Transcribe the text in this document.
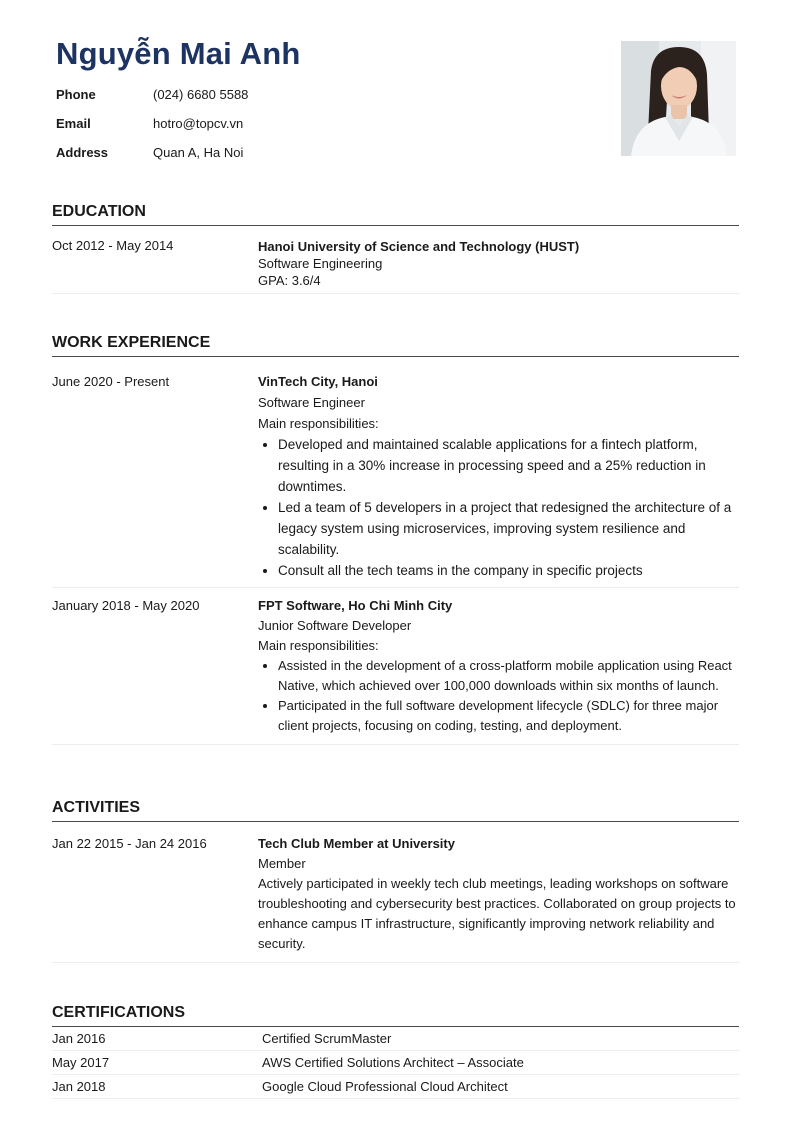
Nguyễn Mai Anh
Phone	(024) 6680 5588
Email	hotro@topcv.vn
Address	Quan A, Ha Noi
EDUCATION
Oct 2012 - May 2014	Hanoi University of Science and Technology (HUST)
Software Engineering
GPA: 3.6/4
WORK EXPERIENCE
June 2020 - Present	VinTech City, Hanoi
Software Engineer
Main responsibilities:
• Developed and maintained scalable applications for a fintech platform, resulting in a 30% increase in processing speed and a 25% reduction in downtimes.
• Led a team of 5 developers in a project that redesigned the architecture of a legacy system using microservices, improving system resilience and scalability.
• Consult all the tech teams in the company in specific projects
January 2018 - May 2020	FPT Software, Ho Chi Minh City
Junior Software Developer
Main responsibilities:
• Assisted in the development of a cross-platform mobile application using React Native, which achieved over 100,000 downloads within six months of launch.
• Participated in the full software development lifecycle (SDLC) for three major client projects, focusing on coding, testing, and deployment.
ACTIVITIES
Jan 22 2015 - Jan 24 2016	Tech Club Member at University
Member
Actively participated in weekly tech club meetings, leading workshops on software troubleshooting and cybersecurity best practices. Collaborated on group projects to enhance campus IT infrastructure, significantly improving network reliability and security.
CERTIFICATIONS
Jan 2016	Certified ScrumMaster
May 2017	AWS Certified Solutions Architect – Associate
Jan 2018	Google Cloud Professional Cloud Architect
